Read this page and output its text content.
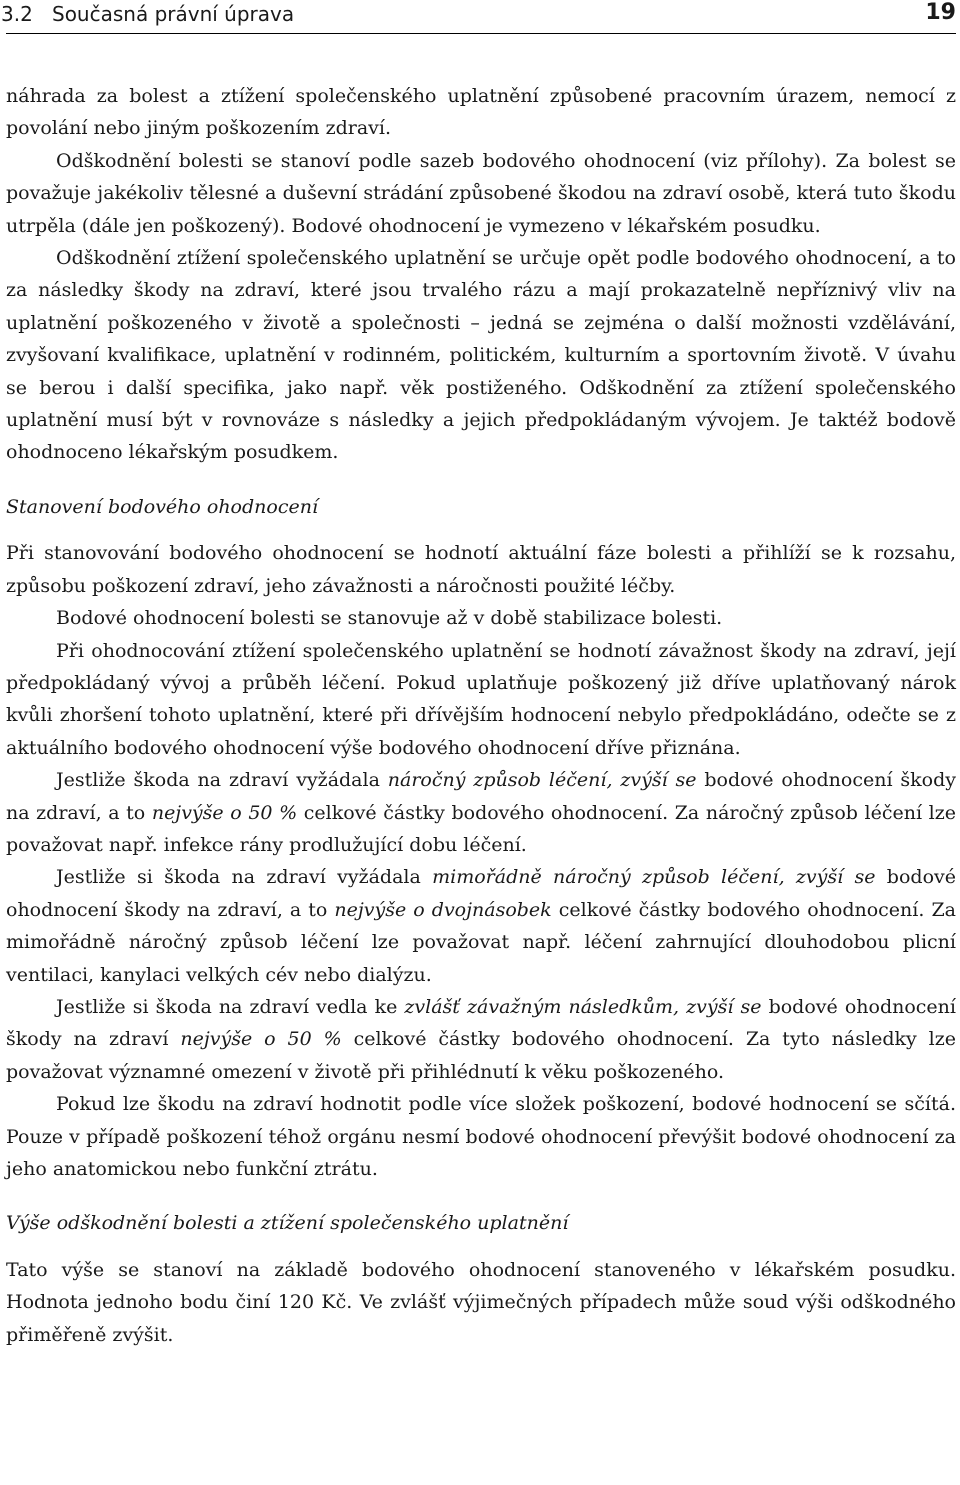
3.2 Současná právní úprava	19

náhrada za bolest a ztížení společenského uplatnění způsobené pracovním úrazem, nemocí z povolání nebo jiným poškozením zdraví.

Odškodnění bolesti se stanoví podle sazeb bodového ohodnocení (viz přílohy). Za bolest se považuje jakékoliv tělesné a duševní strádání způsobené škodou na zdraví osobě, která tuto škodu utrpěla (dále jen poškozený). Bodové ohodnocení je vymezeno v lékařském posudku.

Odškodnění ztížení společenského uplatnění se určuje opět podle bodového ohodnocení, a to za následky škody na zdraví, které jsou trvalého rázu a mají prokazatelně nepříznivý vliv na uplatnění poškozeného v životě a společnosti – jedná se zejména o další možnosti vzdělávání, zvyšovaní kvalifikace, uplatnění v rodinném, politickém, kulturním a sportovním životě. V úvahu se berou i další specifika, jako např. věk postiženého. Odškodnění za ztížení společenského uplatnění musí být v rovnováze s následky a jejich předpokládaným vývojem. Je taktéž bodově ohodnoceno lékařským posudkem.

Stanovení bodového ohodnocení

Při stanovování bodového ohodnocení se hodnotí aktuální fáze bolesti a přihlíží se k rozsahu, způsobu poškození zdraví, jeho závažnosti a náročnosti použité léčby.

Bodové ohodnocení bolesti se stanovuje až v době stabilizace bolesti.

Při ohodnocování ztížení společenského uplatnění se hodnotí závažnost škody na zdraví, její předpokládaný vývoj a průběh léčení. Pokud uplatňuje poškozený již dříve uplatňovaný nárok kvůli zhoršení tohoto uplatnění, které při dřívějším hodnocení nebylo předpokládáno, odečte se z aktuálního bodového ohodnocení výše bodového ohodnocení dříve přiznána.

Jestliže škoda na zdraví vyžádala náročný způsob léčení, zvýší se bodové ohodnocení škody na zdraví, a to nejvýše o 50 % celkové částky bodového ohodnocení. Za náročný způsob léčení lze považovat např. infekce rány prodlužující dobu léčení.

Jestliže si škoda na zdraví vyžádala mimořádně náročný způsob léčení, zvýší se bodové ohodnocení škody na zdraví, a to nejvýše o dvojnásobek celkové částky bodového ohodnocení. Za mimořádně náročný způsob léčení lze považovat např. léčení zahrnující dlouhodobou plicní ventilaci, kanylaci velkých cév nebo dialýzu.

Jestliže si škoda na zdraví vedla ke zvlášť závažným následkům, zvýší se bodové ohodnocení škody na zdraví nejvýše o 50 % celkové částky bodového ohodnocení. Za tyto následky lze považovat významné omezení v životě při přihlédnutí k věku poškozeného.

Pokud lze škodu na zdraví hodnotit podle více složek poškození, bodové hodnocení se sčítá. Pouze v případě poškození téhož orgánu nesmí bodové ohodnocení převýšit bodové ohodnocení za jeho anatomickou nebo funkční ztrátu.

Výše odškodnění bolesti a ztížení společenského uplatnění

Tato výše se stanoví na základě bodového ohodnocení stanoveného v lékařském posudku. Hodnota jednoho bodu činí 120 Kč. Ve zvlášť výjimečných případech může soud výši odškodného přiměřeně zvýšit.
